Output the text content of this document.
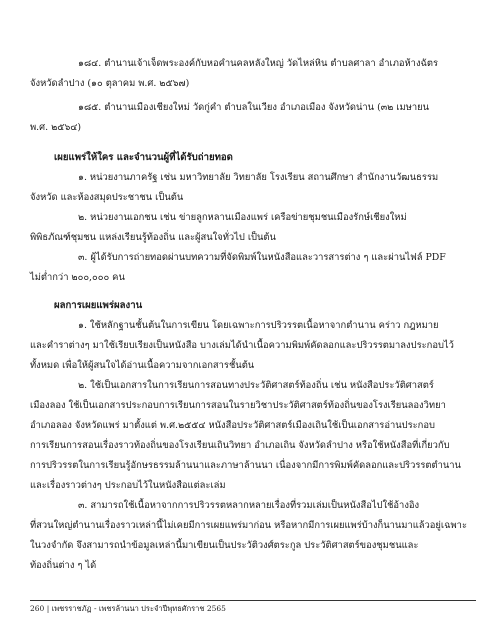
๑๘๔. ตำนานเจ้าเจ็ดพระองค์กับหอคำนคลหลังใหญ่ วัดไหล่หิน ตำบลศาลา อำเภอห้างฉัตร
จังหวัดลำปาง (๑๐ ตุลาคม พ.ศ. ๒๕๖๗)
๑๘๕. ตำนานเมืองเชียงใหม่ วัดกู่คำ ตำบลในเวียง อำเภอเมือง จังหวัดน่าน (๓๒ เมษายน
พ.ศ. ๒๕๖๔)
เผยแพร่ให้ใคร และจำนวนผู้ที่ได้รับถ่ายทอด
๑. หน่วยงานภาครัฐ เช่น มหาวิทยาลัย วิทยาลัย โรงเรียน สถานศึกษา สำนักงานวัฒนธรรม
จังหวัด และห้องสมุดประชาชน เป็นต้น
๒. หน่วยงานเอกชน เช่น ข่ายลูกหลานเมืองแพร่ เครือข่ายชุมชนเมืองรักษ์เชียงใหม่
พิพิธภัณฑ์ชุมชน แหล่งเรียนรู้ท้องถิ่น และผู้สนใจทั่วไป เป็นต้น
๓. ผู้ได้รับการถ่ายทอดผ่านบทความที่จัดพิมพ์ในหนังสือและวารสารต่าง ๆ และผ่านไฟล์ PDF
ไม่ต่ำกว่า ๒๐๐,๐๐๐ คน
ผลการเผยแพร่ผลงาน
๑. ใช้หลักฐานชั้นต้นในการเขียน โดยเฉพาะการปริวรรตเนื้อหาจากตำนาน คร่าว กฎหมาย
และคำราต่างๆ มาใช้เรียบเรียงเป็นหนังสือ บางเล่มได้นำเนื้อความพิมพ์คัดลอกและปริวรรตมาลงประกอบไว้
ทั้งหมด เพื่อให้ผู้สนใจได้อ่านเนื้อความจากเอกสารชั้นต้น
๒. ใช้เป็นเอกสารในการเรียนการสอนทางประวัติศาสตร์ท้องถิ่น เช่น หนังสือประวัติศาสตร์
เมืองลอง ใช้เป็นเอกสารประกอบการเรียนการสอนในรายวิชาประวัติศาสตร์ท้องถิ่นของโรงเรียนลองวิทยา
อำเภอลอง จังหวัดแพร่ มาตั้งแต่ พ.ศ.๒๕๕๔ หนังสือประวัติศาสตร์เมืองเถินใช้เป็นเอกสารอ่านประกอบ
การเรียนการสอนเรื่องราวท้องถิ่นของโรงเรียนเถินวิทยา อำเภอเถิน จังหวัดลำปาง หรือใช้หนังสือที่เกี่ยวกับ
การปริวรรตในการเรียนรู้อักษรธรรมล้านนาและภาษาล้านนา เนื่องจากมีการพิมพ์คัดลอกและปริวรรตตำนาน
และเรื่องราวต่างๆ ประกอบไว้ในหนังสือแต่ละเล่ม
๓. สามารถใช้เนื้อหาจากการปริวรรตหลากหลายเรื่องที่รวมเล่มเป็นหนังสือไปใช้อ้างอิง
ที่สวนใหญ่ตำนานเรื่องราวเหล่านี้ไม่เคยมีการเผยแพร่มาก่อน หรือหากมีการเผยแพร่บ้างก็นานมาแล้วอยู่เฉพาะ
ในวงจำกัด จึงสามารถนำข้อมูลเหล่านี้มาเขียนเป็นประวัติวงศ์ตระกูล ประวัติศาสตร์ของชุมชนและ
ท้องถิ่นต่าง ๆ ได้
260 | เพชรราชภัฏ - เพชรล้านนา ประจำปีพุทธศักราช 2565
